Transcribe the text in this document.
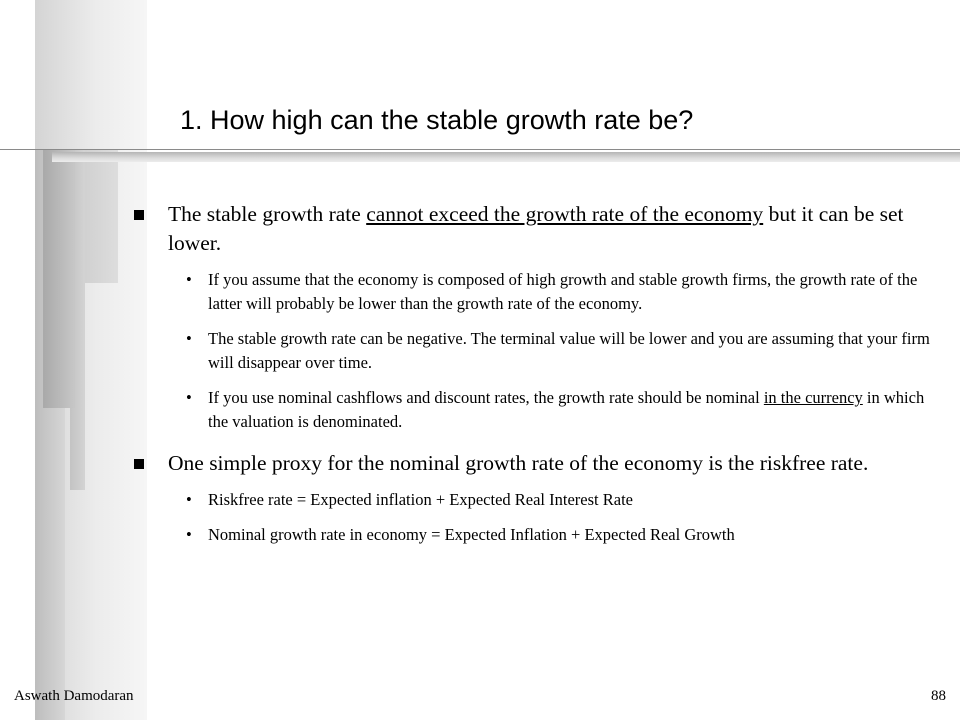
1. How high can the stable growth rate be?
The stable growth rate cannot exceed the growth rate of the economy but it can be set lower.
• If you assume that the economy is composed of high growth and stable growth firms, the growth rate of the latter will probably be lower than the growth rate of the economy.
• The stable growth rate can be negative. The terminal value will be lower and you are assuming that your firm will disappear over time.
• If you use nominal cashflows and discount rates, the growth rate should be nominal in the currency in which the valuation is denominated.
One simple proxy for the nominal growth rate of the economy is the riskfree rate.
• Riskfree rate = Expected inflation + Expected Real Interest Rate
• Nominal growth rate in economy = Expected Inflation + Expected Real Growth
Aswath Damodaran	88
